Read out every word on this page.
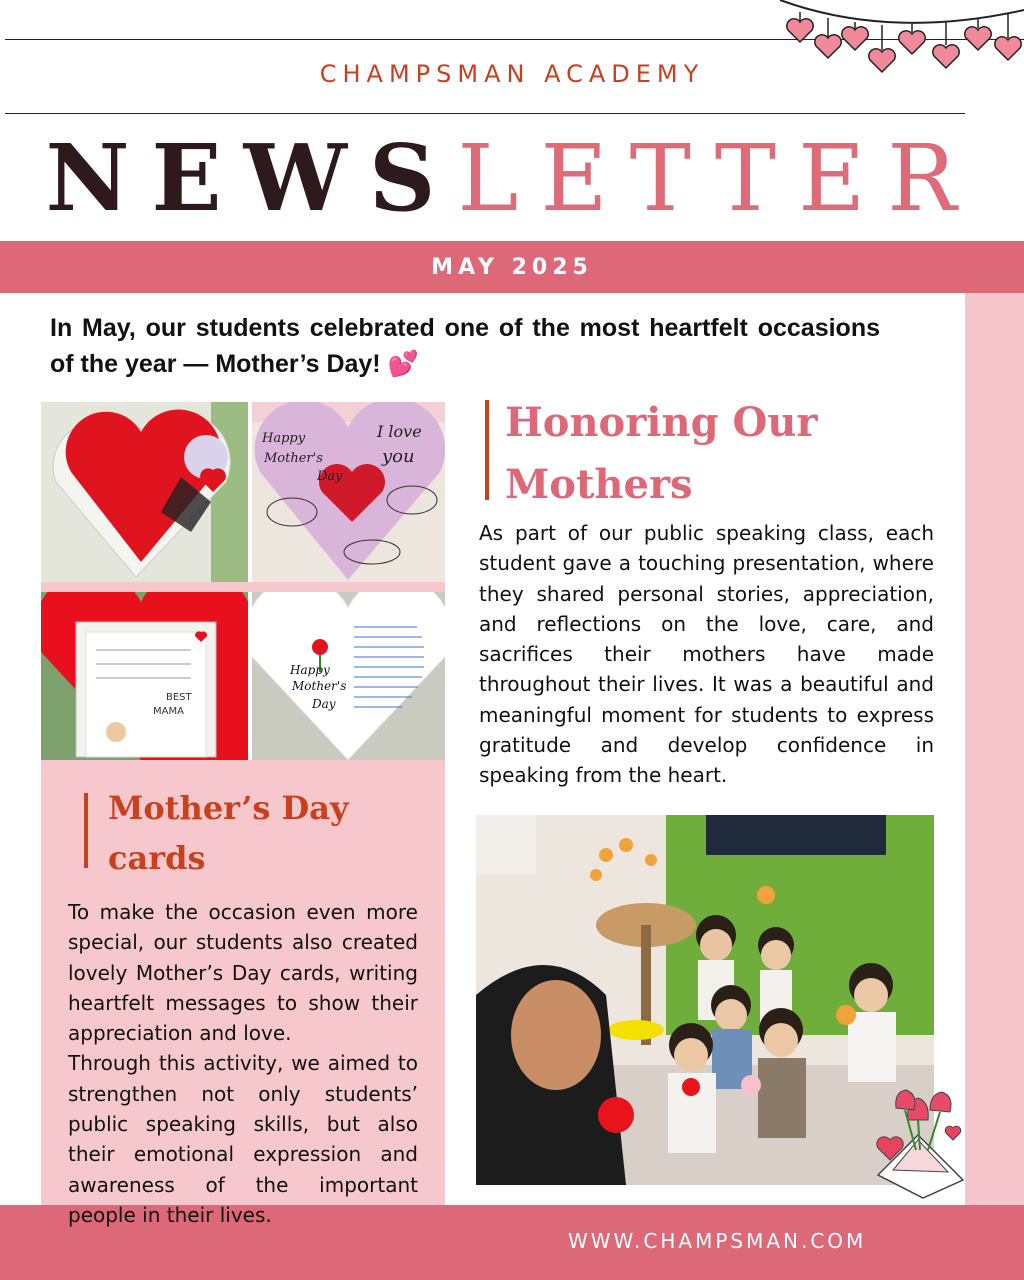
CHAMPSMAN ACADEMY
NEWSLETTER
MAY 2025
In May, our students celebrated one of the most heartfelt occasions of the year — Mother’s Day! 💕
Happy
Mother's
Day
I love
you
BEST
MAMA
Happy
Mother's
Day
Honoring Our Mothers
As part of our public speaking class, each student gave a touching presentation, where they shared personal stories, appreciation, and reflections on the love, care, and sacrifices their mothers have made throughout their lives. It was a beautiful and meaningful moment for students to express gratitude and develop confidence in speaking from the heart.
Mother’s Day cards
To make the occasion even more special, our students also created lovely Mother’s Day cards, writing heartfelt messages to show their appreciation and love.
Through this activity, we aimed to strengthen not only students’ public speaking skills, but also their emotional expression and awareness of the important people in their lives.
WWW.CHAMPSMAN.COM
